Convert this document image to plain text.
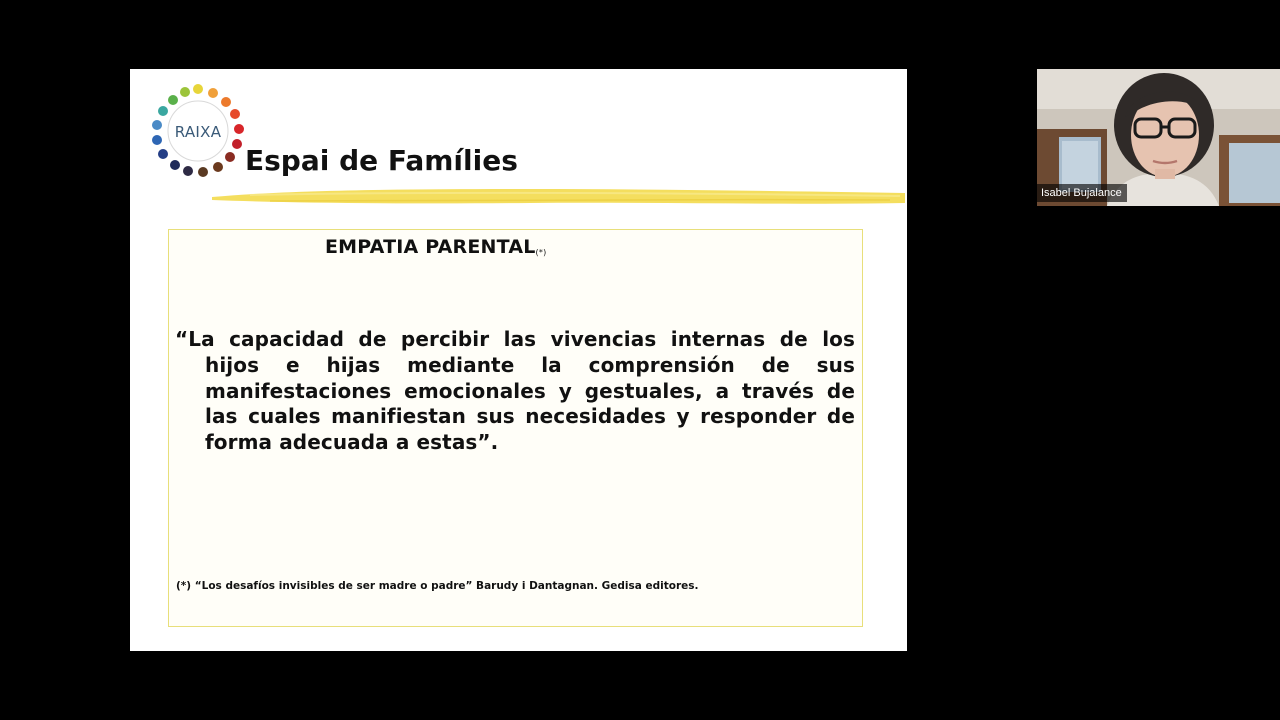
RAIXA
Espai de Famílies
EMPATIA PARENTAL(*)

“La capacidad de percibir las vivencias internas de los hijos e hijas mediante la comprensión de sus manifestaciones emocionales y gestuales, a través de las cuales manifiestan sus necesidades y responder de forma adecuada a estas”.

(*) “Los desafíos invisibles de ser madre o padre” Barudy i Dantagnan. Gedisa editores.

Isabel Bujalance
